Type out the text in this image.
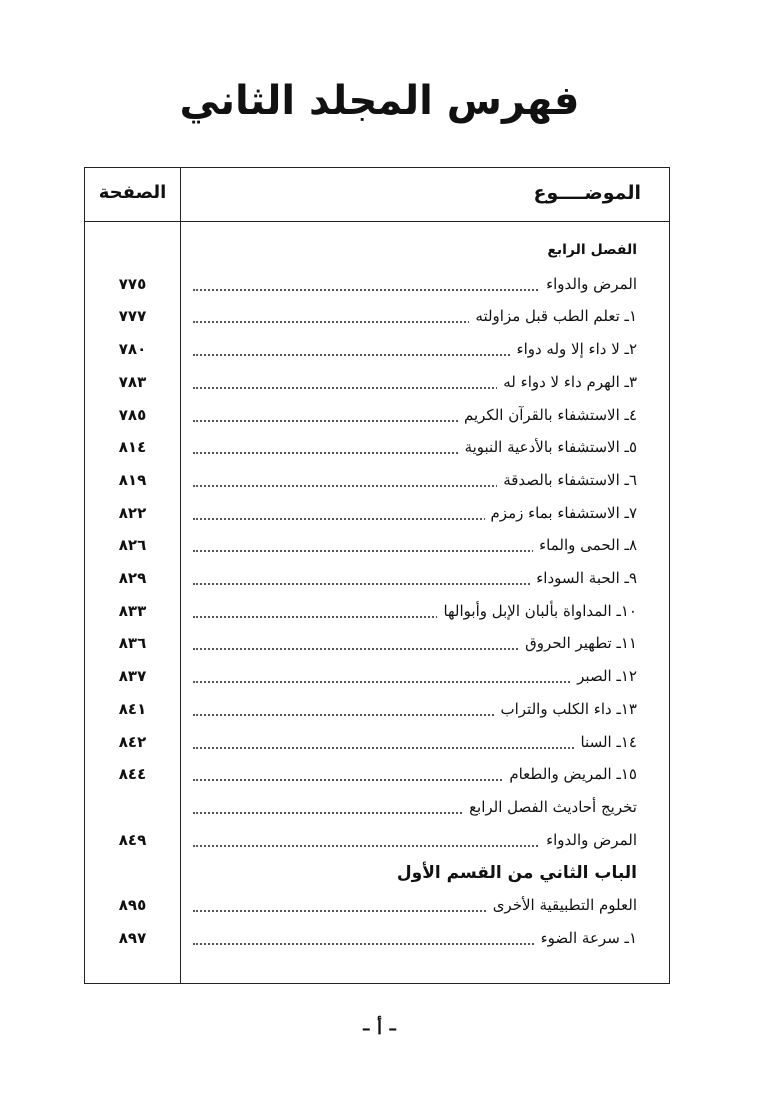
فهرس المجلد الثاني
الموضــــوع
الصفحة
الفصل الرابع
المرض والدواء
٧٧٥
١ـ تعلم الطب قبل مزاولته
٧٧٧
٢ـ لا داء إلا وله دواء
٧٨٠
٣ـ الهرم داء لا دواء له
٧٨٣
٤ـ الاستشفاء بالقرآن الكريم
٧٨٥
٥ـ الاستشفاء بالأدعية النبوية
٨١٤
٦ـ الاستشفاء بالصدقة
٨١٩
٧ـ الاستشفاء بماء زمزم
٨٢٢
٨ـ الحمى والماء
٨٢٦
٩ـ الحبة السوداء
٨٢٩
١٠ـ المداواة بألبان الإبل وأبوالها
٨٣٣
١١ـ تطهير الحروق
٨٣٦
١٢ـ الصبر
٨٣٧
١٣ـ داء الكلب والتراب
٨٤١
١٤ـ السنا
٨٤٢
١٥ـ المريض والطعام
٨٤٤
تخريج أحاديث الفصل الرابع
المرض والدواء
٨٤٩
الباب الثاني من القسم الأول
العلوم التطبيقية الأخرى
٨٩٥
١ـ سرعة الضوء
٨٩٧
– أ –
